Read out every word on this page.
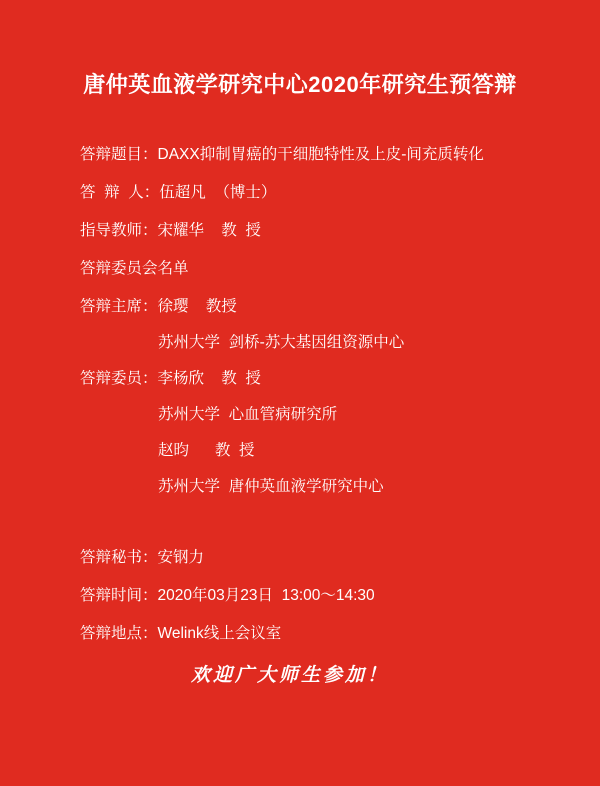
唐仲英血液学研究中心2020年研究生预答辩
答辩题目：DAXX抑制胃癌的干细胞特性及上皮-间充质转化
答  辩  人：伍超凡  （博士）
指导教师：宋耀华    教  授
答辩委员会名单
答辩主席：徐璎    教授
苏州大学  剑桥-苏大基因组资源中心
答辩委员：李杨欣    教  授
苏州大学  心血管病研究所
赵昀      教  授
苏州大学  唐仲英血液学研究中心
答辩秘书：安钢力
答辩时间：2020年03月23日  13:00～14:30
答辩地点：Welink线上会议室
欢迎广大师生参加！
